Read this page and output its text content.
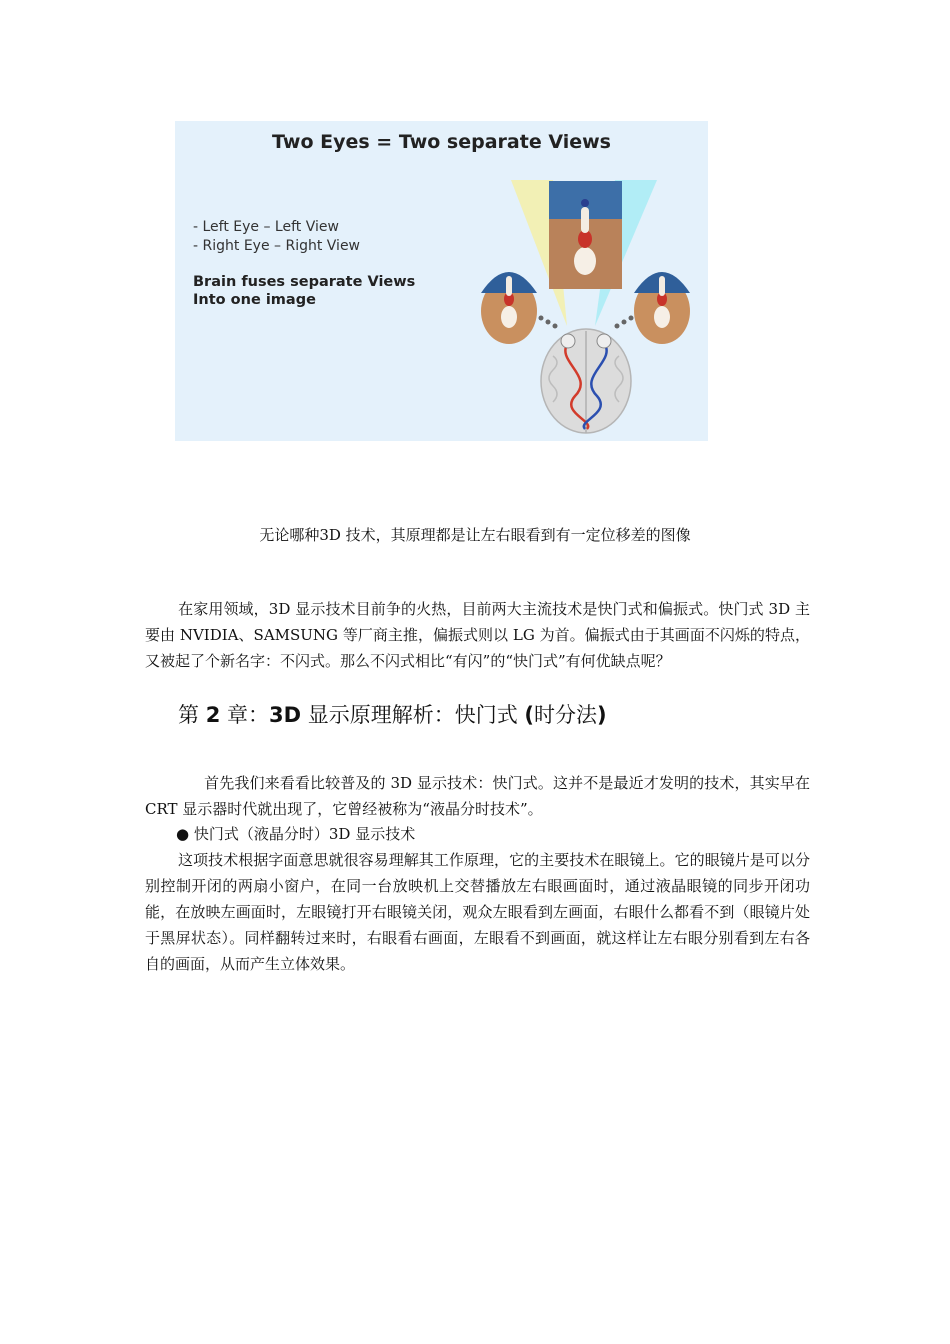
Two Eyes = Two separate Views
- Left Eye – Left View
- Right Eye – Right View
Brain fuses separate Views
Into one image
无论哪种3D 技术，其原理都是让左右眼看到有一定位移差的图像
在家用领域，3D 显示技术目前争的火热，目前两大主流技术是快门式和偏振式。快门式 3D 主要由 NVIDIA、SAMSUNG 等厂商主推，偏振式则以 LG 为首。偏振式由于其画面不闪烁的特点，又被起了个新名字：不闪式。那么不闪式相比“有闪”的“快门式”有何优缺点呢？
第 2 章：3D 显示原理解析：快门式 (时分法)
首先我们来看看比较普及的 3D 显示技术：快门式。这并不是最近才发明的技术，其实早在 CRT 显示器时代就出现了，它曾经被称为“液晶分时技术”。
● 快门式（液晶分时）3D 显示技术
这项技术根据字面意思就很容易理解其工作原理，它的主要技术在眼镜上。它的眼镜片是可以分别控制开闭的两扇小窗户，在同一台放映机上交替播放左右眼画面时，通过液晶眼镜的同步开闭功能，在放映左画面时，左眼镜打开右眼镜关闭，观众左眼看到左画面，右眼什么都看不到（眼镜片处于黑屏状态）。同样翻转过来时，右眼看右画面，左眼看不到画面，就这样让左右眼分别看到左右各自的画面，从而产生立体效果。
